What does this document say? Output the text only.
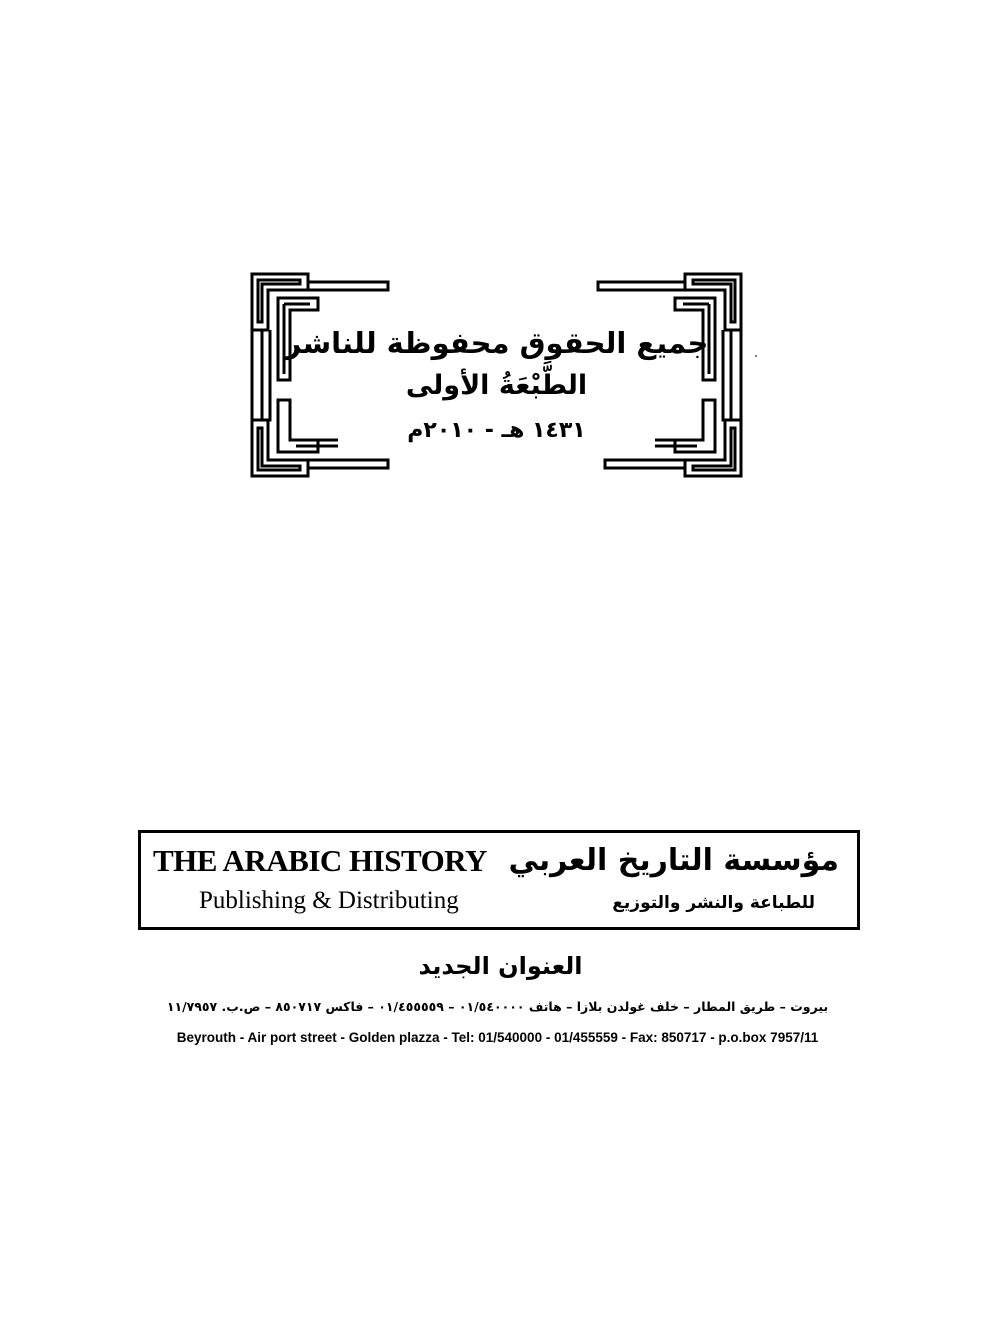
جميع الحقوق محفوظة للناشر
الطَّبْعَةُ الأولى
١٤٣١ هـ - ٢٠١٠م
THE ARABIC HISTORY
Publishing & Distributing
مؤسسة التاريخ العربي
للطباعة والنشر والتوزيع
العنوان الجديد
بيروت – طريق المطار – خلف غولدن بلازا – هاتف ٠١/٥٤٠٠٠٠ – ٠١/٤٥٥٥٥٩ – فاكس ٨٥٠٧١٧ – ص.ب. ١١/٧٩٥٧
Beyrouth - Air port street - Golden plazza - Tel: 01/540000 - 01/455559 - Fax: 850717 - p.o.box 7957/11
